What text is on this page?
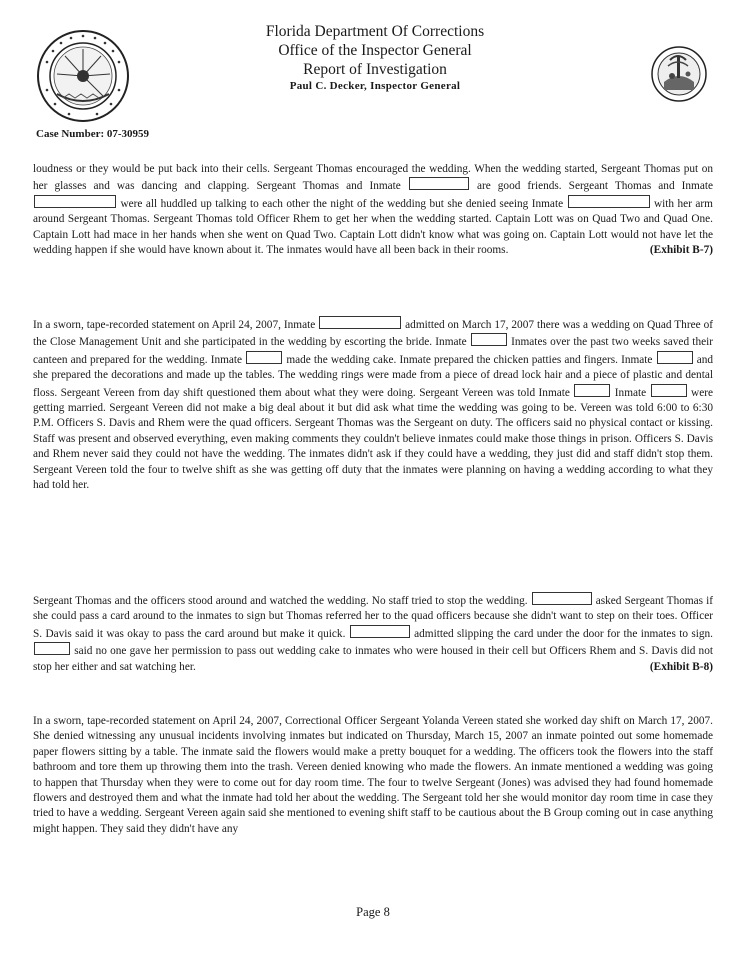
Florida Department Of Corrections
Office of the Inspector General
Report of Investigation
Paul C. Decker, Inspector General
Case Number: 07-30959

loudness or they would be put back into their cells. Sergeant Thomas encouraged the wedding. When the wedding started, Sergeant Thomas put on her glasses and was dancing and clapping. Sergeant Thomas and Inmate	are good friends. Sergeant Thomas and Inmate  were all huddled up talking to each other the night of the wedding but she denied seeing Inmate	with her arm around Sergeant Thomas. Sergeant Thomas told Officer Rhem to get her when the wedding started. Captain Lott was on Quad Two and Quad One. Captain Lott had mace in her hands when she went on Quad Two. Captain Lott didn't know what was going on. Captain Lott would not have let the wedding happen if she would have known about it. The inmates would have all been back in their rooms.	(Exhibit B-7)

In a sworn, tape-recorded statement on April 24, 2007, Inmate	admitted on March 17, 2007 there was a wedding on Quad Three of the Close Management Unit and she participated in the wedding by escorting the bride. Inmate	Inmates over the past two weeks saved their canteen and prepared for the wedding. Inmate	made the wedding cake. Inmate prepared the chicken patties and fingers. Inmate	and she prepared the decorations and made up the tables. The wedding rings were made from a piece of dread lock hair and a piece of plastic and dental floss. Sergeant Vereen from day shift questioned them about what they were doing. Sergeant Vereen was told Inmate	Inmate	were getting married. Sergeant Vereen did not make a big deal about it but did ask what time the wedding was going to be. Vereen was told 6:00 to 6:30 P.M. Officers S. Davis and Rhem were the quad officers. Sergeant Thomas was the Sergeant on duty. The officers said no physical contact or kissing. Staff was present and observed everything, even making comments they couldn't believe inmates could make those things in prison. Officers S. Davis and Rhem never said they could not have the wedding. The inmates didn't ask if they could have a wedding, they just did and staff didn't stop them. Sergeant Vereen told the four to twelve shift as she was getting off duty that the inmates were planning on having a wedding according to what they had told her.

Sergeant Thomas and the officers stood around and watched the wedding. No staff tried to stop the wedding.	asked Sergeant Thomas if she could pass a card around to the inmates to sign but Thomas referred her to the quad officers because she didn't want to step on their toes. Officer S. Davis said it was okay to pass the card around but make it quick.	admitted slipping the card under the door for the inmates to sign.  said no one gave her permission to pass out wedding cake to inmates who were housed in their cell but Officers Rhem and S. Davis did not stop her either and sat watching her.	(Exhibit B-8)

In a sworn, tape-recorded statement on April 24, 2007, Correctional Officer Sergeant Yolanda Vereen stated she worked day shift on March 17, 2007. She denied witnessing any unusual incidents involving inmates but indicated on Thursday, March 15, 2007 an inmate pointed out some homemade paper flowers sitting by a table. The inmate said the flowers would make a pretty bouquet for a wedding. The officers took the flowers into the staff bathroom and tore them up throwing them into the trash. Vereen denied knowing who made the flowers. An inmate mentioned a wedding was going to happen that Thursday when they were to come out for day room time. The four to twelve Sergeant (Jones) was advised they had found homemade flowers and destroyed them and what the inmate had told her about the wedding. The Sergeant told her she would monitor day room time in case they tried to have a wedding. Sergeant Vereen again said she mentioned to evening shift staff to be cautious about the B Group coming out in case anything might happen. They said they didn't have any

Page 8
